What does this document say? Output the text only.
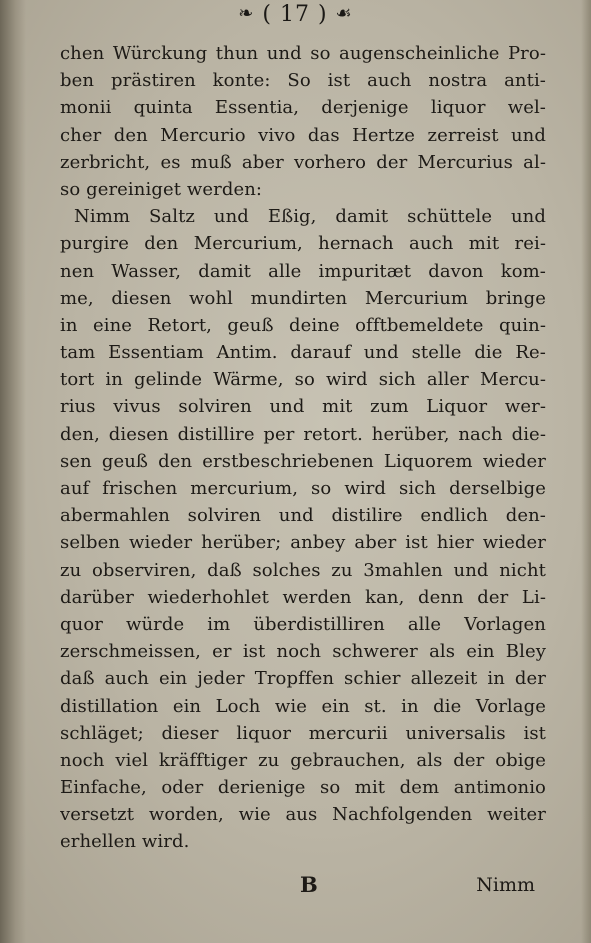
❧ ( 17 ) ☙
chen Würckung thun und so augenscheinliche Pro-
ben prästiren konte: So ist auch nostra anti-
monii quinta Essentia, derjenige liquor wel-
cher den Mercurio vivo das Hertze zerreist und
zerbricht, es muß aber vorhero der Mercurius al-
so gereiniget werden:
Nimm Saltz und Eßig, damit schüttele und
purgire den Mercurium, hernach auch mit rei-
nen Wasser, damit alle impuritæt davon kom-
me, diesen wohl mundirten Mercurium bringe
in eine Retort, geuß deine offtbemeldete quin-
tam Essentiam Antim. darauf und stelle die Re-
tort in gelinde Wärme, so wird sich aller Mercu-
rius vivus solviren und mit zum Liquor wer-
den, diesen distillire per retort. herüber, nach die-
sen geuß den erstbeschriebenen Liquorem wieder
auf frischen mercurium, so wird sich derselbige
abermahlen solviren und distilire endlich den-
selben wieder herüber; anbey aber ist hier wieder
zu observiren, daß solches zu 3mahlen und nicht
darüber wiederhohlet werden kan, denn der Li-
quor würde im überdistilliren alle Vorlagen
zerschmeissen, er ist noch schwerer als ein Bley
daß auch ein jeder Tropffen schier allezeit in der
distillation ein Loch wie ein st. in die Vorlage
schläget; dieser liquor mercurii universalis ist
noch viel kräfftiger zu gebrauchen, als der obige
Einfache, oder derienige so mit dem antimonio
versetzt worden, wie aus Nachfolgenden weiter
erhellen wird.
B	Nimm
